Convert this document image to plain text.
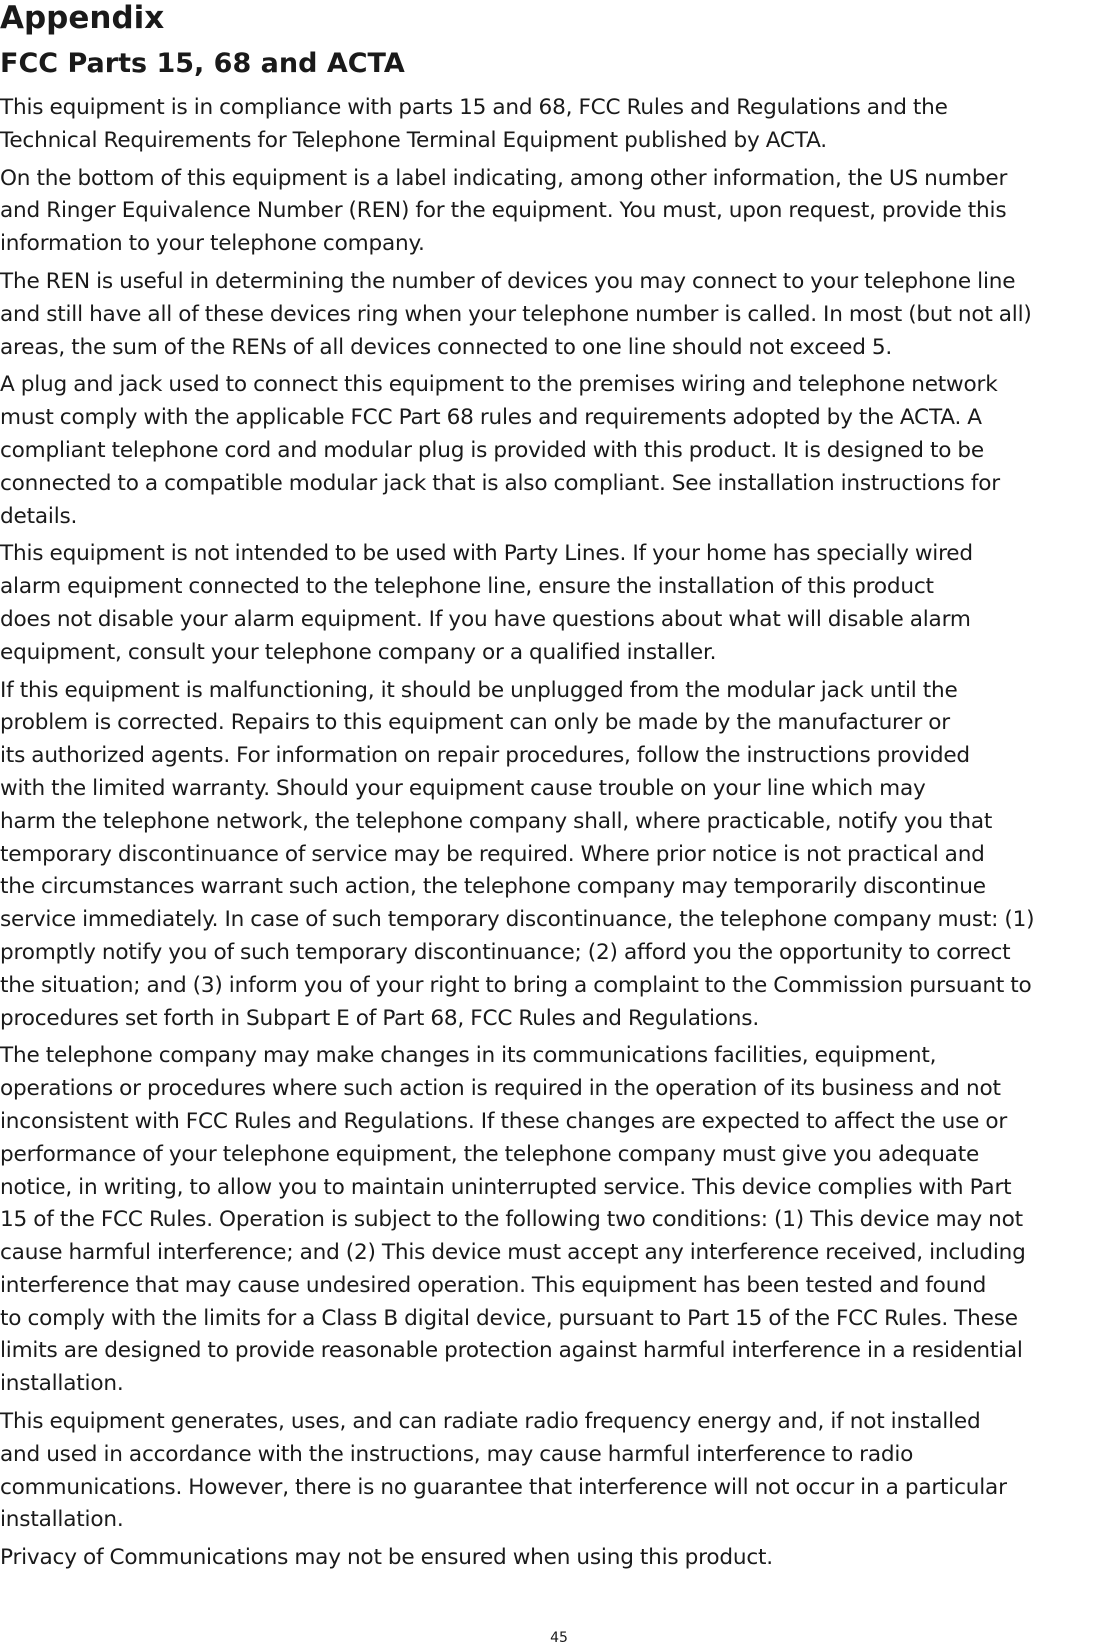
Appendix
FCC Parts 15, 68 and ACTA

This equipment is in compliance with parts 15 and 68, FCC Rules and Regulations and the
Technical Requirements for Telephone Terminal Equipment published by ACTA.

On the bottom of this equipment is a label indicating, among other information, the US number
and Ringer Equivalence Number (REN) for the equipment. You must, upon request, provide this
information to your telephone company.

The REN is useful in determining the number of devices you may connect to your telephone line
and still have all of these devices ring when your telephone number is called. In most (but not all)
areas, the sum of the RENs of all devices connected to one line should not exceed 5.

A plug and jack used to connect this equipment to the premises wiring and telephone network
must comply with the applicable FCC Part 68 rules and requirements adopted by the ACTA. A
compliant telephone cord and modular plug is provided with this product. It is designed to be
connected to a compatible modular jack that is also compliant. See installation instructions for
details.

This equipment is not intended to be used with Party Lines. If your home has specially wired
alarm equipment connected to the telephone line, ensure the installation of this product
does not disable your alarm equipment. If you have questions about what will disable alarm
equipment, consult your telephone company or a qualified installer.

If this equipment is malfunctioning, it should be unplugged from the modular jack until the
problem is corrected. Repairs to this equipment can only be made by the manufacturer or
its authorized agents. For information on repair procedures, follow the instructions provided
with the limited warranty. Should your equipment cause trouble on your line which may
harm the telephone network, the telephone company shall, where practicable, notify you that
temporary discontinuance of service may be required. Where prior notice is not practical and
the circumstances warrant such action, the telephone company may temporarily discontinue
service immediately. In case of such temporary discontinuance, the telephone company must: (1)
promptly notify you of such temporary discontinuance; (2) afford you the opportunity to correct
the situation; and (3) inform you of your right to bring a complaint to the Commission pursuant to
procedures set forth in Subpart E of Part 68, FCC Rules and Regulations.

The telephone company may make changes in its communications facilities, equipment,
operations or procedures where such action is required in the operation of its business and not
inconsistent with FCC Rules and Regulations. If these changes are expected to affect the use or
performance of your telephone equipment, the telephone company must give you adequate
notice, in writing, to allow you to maintain uninterrupted service. This device complies with Part
15 of the FCC Rules. Operation is subject to the following two conditions: (1) This device may not
cause harmful interference; and (2) This device must accept any interference received, including
interference that may cause undesired operation. This equipment has been tested and found
to comply with the limits for a Class B digital device, pursuant to Part 15 of the FCC Rules. These
limits are designed to provide reasonable protection against harmful interference in a residential
installation.

This equipment generates, uses, and can radiate radio frequency energy and, if not installed
and used in accordance with the instructions, may cause harmful interference to radio
communications. However, there is no guarantee that interference will not occur in a particular
installation.

Privacy of Communications may not be ensured when using this product.

45
